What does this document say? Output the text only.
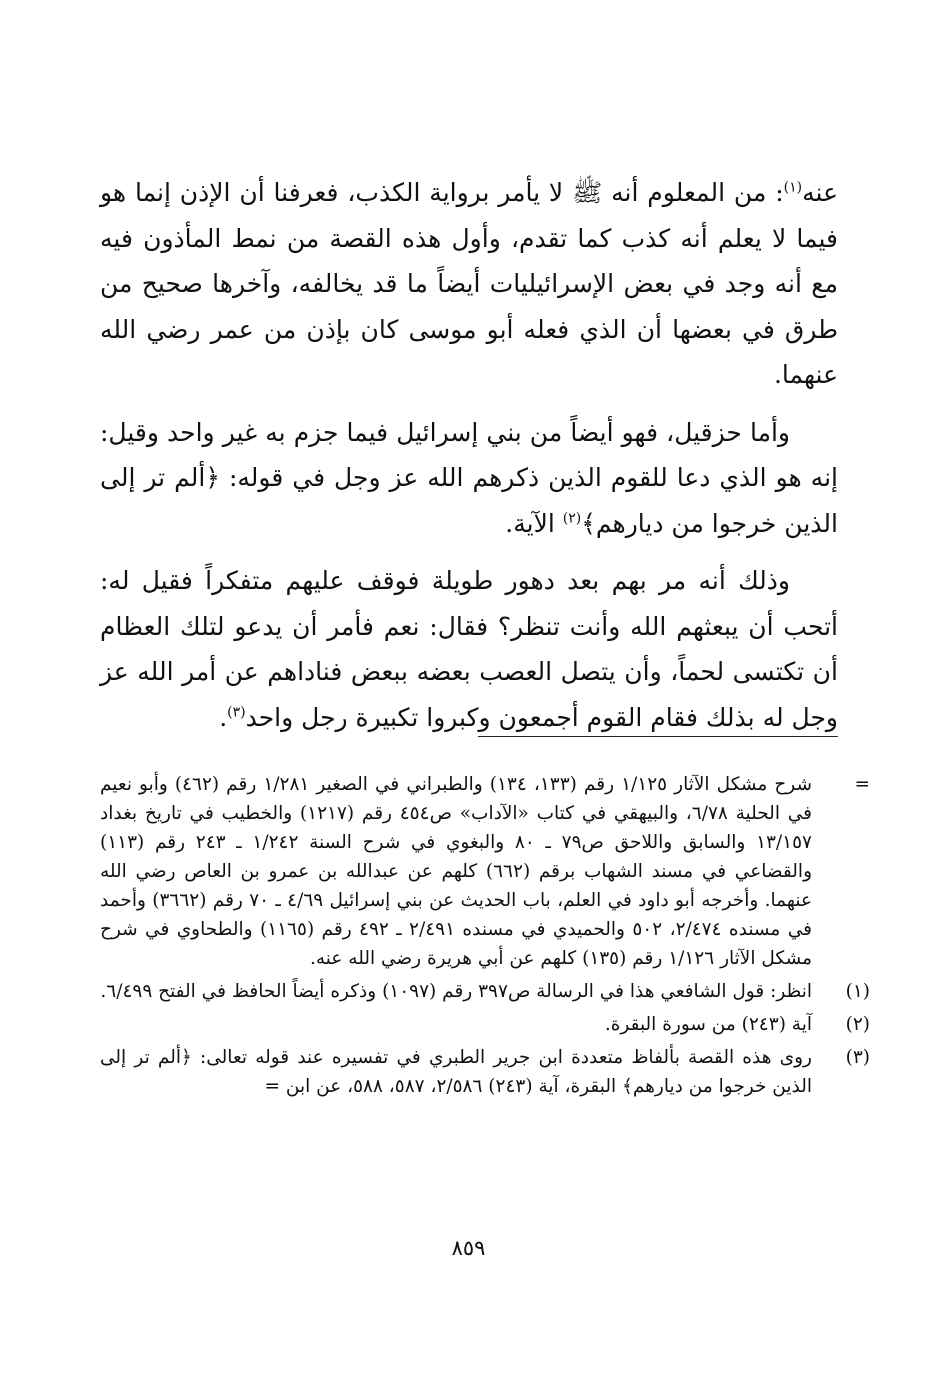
عنه$^{(١)}$: من المعلوم أنه ﷺ لا يأمر برواية الكذب، فعرفنا أن الإذن إنما هو فيما لا يعلم أنه كذب كما تقدم، وأول هذه القصة من نمط المأذون فيه مع أنه وجد في بعض الإسرائيليات أيضاً ما قد يخالفه، وآخرها صحيح من طرق في بعضها أن الذي فعله أبو موسى كان بإذن من عمر رضي الله عنهما.

وأما حزقيل، فهو أيضاً من بني إسرائيل فيما جزم به غير واحد وقيل: إنه هو الذي دعا للقوم الذين ذكرهم الله عز وجل في قوله: ﴿ألم تر إلى الذين خرجوا من ديارهم﴾$^{(٢)}$ الآية.

وذلك أنه مر بهم بعد دهور طويلة فوقف عليهم متفكراً فقيل له: أتحب أن يبعثهم الله وأنت تنظر؟ فقال: نعم فأمر أن يدعو لتلك العظام أن تكتسى لحماً، وأن يتصل العصب بعضه ببعض فناداهم عن أمر الله عز وجل له بذلك فقام القوم أجمعون وكبروا تكبيرة رجل واحد$^{(٣)}$.

=
شرح مشكل الآثار ١/١٢٥ رقم (١٣٣، ١٣٤) والطبراني في الصغير ١/٢٨١ رقم (٤٦٢) وأبو نعيم في الحلية ٦/٧٨، والبيهقي في كتاب «الآداب» ص٤٥٤ رقم (١٢١٧) والخطيب في تاريخ بغداد ١٣/١٥٧ والسابق واللاحق ص٧٩ ـ ٨٠ والبغوي في شرح السنة ١/٢٤٢ ـ ٢٤٣ رقم (١١٣) والقضاعي في مسند الشهاب برقم (٦٦٢) كلهم عن عبدالله بن عمرو بن العاص رضي الله عنهما. وأخرجه أبو داود في العلم، باب الحديث عن بني إسرائيل ٤/٦٩ ـ ٧٠ رقم (٣٦٦٢) وأحمد في مسنده ٢/٤٧٤، ٥٠٢ والحميدي في مسنده ٢/٤٩١ ـ ٤٩٢ رقم (١١٦٥) والطحاوي في شرح مشكل الآثار ١/١٢٦ رقم (١٣٥) كلهم عن أبي هريرة رضي الله عنه.
(١)
انظر: قول الشافعي هذا في الرسالة ص٣٩٧ رقم (١٠٩٧) وذكره أيضاً الحافظ في الفتح ٦/٤٩٩.
(٢)
آية (٢٤٣) من سورة البقرة.
(٣)
روى هذه القصة بألفاظ متعددة ابن جرير الطبري في تفسيره عند قوله تعالى: ﴿ألم تر إلى الذين خرجوا من ديارهم﴾ البقرة، آية (٢٤٣) ٢/٥٨٦، ٥٨٧، ٥٨٨، عن ابن =
٨٥٩
